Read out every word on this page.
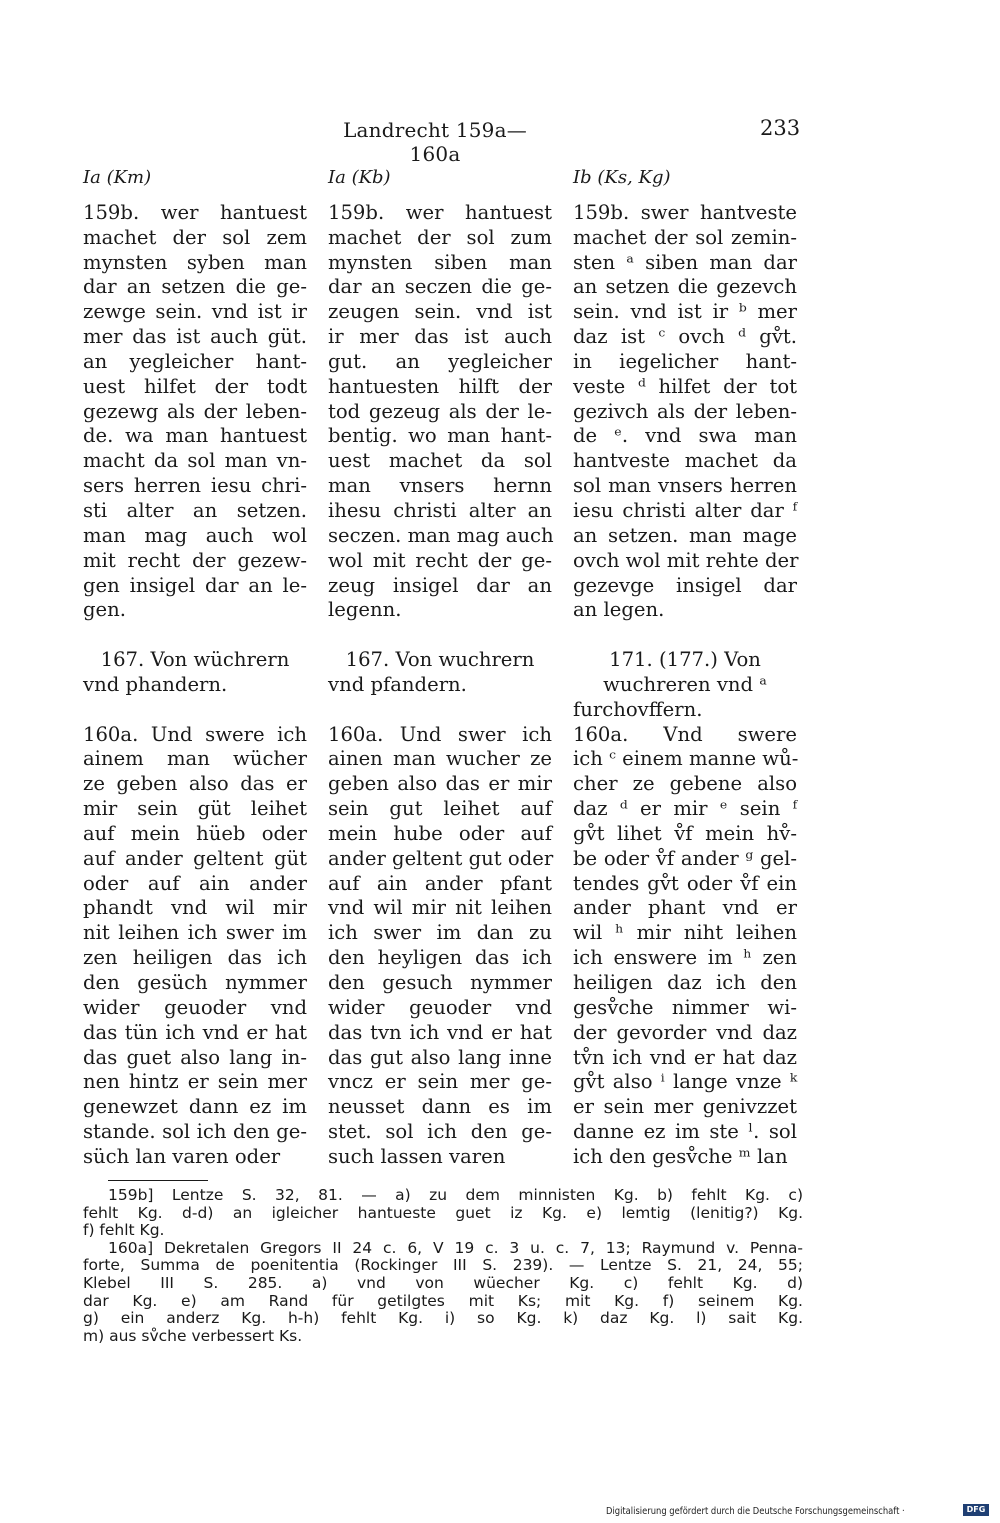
Landrecht 159a—160a
233
Ia (Km)
159b. wer hantuest
machet der sol zem
mynsten syben man
dar an setzen die ge-
zewge sein. vnd ist ir
mer das ist auch güt.
an yegleicher hant-
uest hilfet der todt
gezewg als der leben-
de. wa man hantuest
macht da sol man vn-
sers herren iesu chri-
sti alter an setzen.
man mag auch wol
mit recht der gezew-
gen insigel dar an le-
gen.
167. Von wüchrern
vnd phandern.
160a. Und swere ich
ainem man wücher
ze geben also das er
mir sein güt leihet
auf mein hüeb oder
auf ander geltent güt
oder auf ain ander
phandt vnd wil mir
nit leihen ich swer im
zen heiligen das ich
den gesüch nymmer
wider geuoder vnd
das tün ich vnd er hat
das guet also lang in-
nen hintz er sein mer
genewzet dann ez im
stande. sol ich den ge-
süch lan varen oder
Ia (Kb)
159b. wer hantuest
machet der sol zum
mynsten siben man
dar an seczen die ge-
zeugen sein. vnd ist
ir mer das ist auch
gut. an yegleicher
hantuesten hilft der
tod gezeug als der le-
bentig. wo man hant-
uest machet da sol
man vnsers hernn
ihesu christi alter an
seczen. man mag auch
wol mit recht der ge-
zeug insigel dar an
legenn.
167. Von wuchrern
vnd pfandern.
160a. Und swer ich
ainen man wucher ze
geben also das er mir
sein gut leihet auf
mein hube oder auf
ander geltent gut oder
auf ain ander pfant
vnd wil mir nit leihen
ich swer im dan zu
den heyligen das ich
den gesuch nymmer
wider geuoder vnd
das tvn ich vnd er hat
das gut also lang inne
vncz er sein mer ge-
neusset dann es im
stet. sol ich den ge-
such lassen varen
Ib (Ks, Kg)
159b. swer hantveste
machet der sol zemin-
sten ᵃ siben man dar
an setzen die gezevch
sein. vnd ist ir ᵇ mer
daz ist ᶜ ovch ᵈ gv̊t.
in iegelicher hant-
veste ᵈ hilfet der tot
gezivch als der leben-
de ᵉ. vnd swa man
hantveste machet da
sol man vnsers herren
iesu christi alter dar ᶠ
an setzen. man mage
ovch wol mit rehte der
gezevge insigel dar
an legen.
171. (177.) Von
wuchreren vnd ᵃ
furchovffern.
160a. Vnd swere
ich ᶜ einem manne wů-
cher ze gebene also
daz ᵈ er mir ᵉ sein ᶠ
gv̊t lihet v̊f mein hv̊-
be oder v̊f ander ᵍ gel-
tendes gv̊t oder v̊f ein
ander phant vnd er
wil ʰ mir niht leihen
ich enswere im ʰ zen
heiligen daz ich den
gesv̊che nimmer wi-
der gevorder vnd daz
tv̊n ich vnd er hat daz
gv̊t also ⁱ lange vnze ᵏ
er sein mer genivzzet
danne ez im ste ˡ. sol
ich den gesv̊che ᵐ lan
159b] Lentze S. 32, 81. — a) zu dem minnisten Kg. b) fehlt Kg. c)
fehlt Kg. d-d) an igleicher hantueste guet iz Kg. e) lemtig (lenitig?) Kg.
f) fehlt Kg.
160a] Dekretalen Gregors II 24 c. 6, V 19 c. 3 u. c. 7, 13; Raymund v. Penna-
forte, Summa de poenitentia (Rockinger III S. 239). — Lentze S. 21, 24, 55;
Klebel III S. 285. a) vnd von wüecher Kg. c) fehlt Kg. d)
dar Kg. e) am Rand für getilgtes mit Ks; mit Kg. f) seinem Kg.
g) ein anderz Kg. h-h) fehlt Kg. i) so Kg. k) daz Kg. l) sait Kg.
m) aus sv̊che verbessert Ks.
Digitalisierung gefördert durch die Deutsche Forschungsgemeinschaft ·	DFG
